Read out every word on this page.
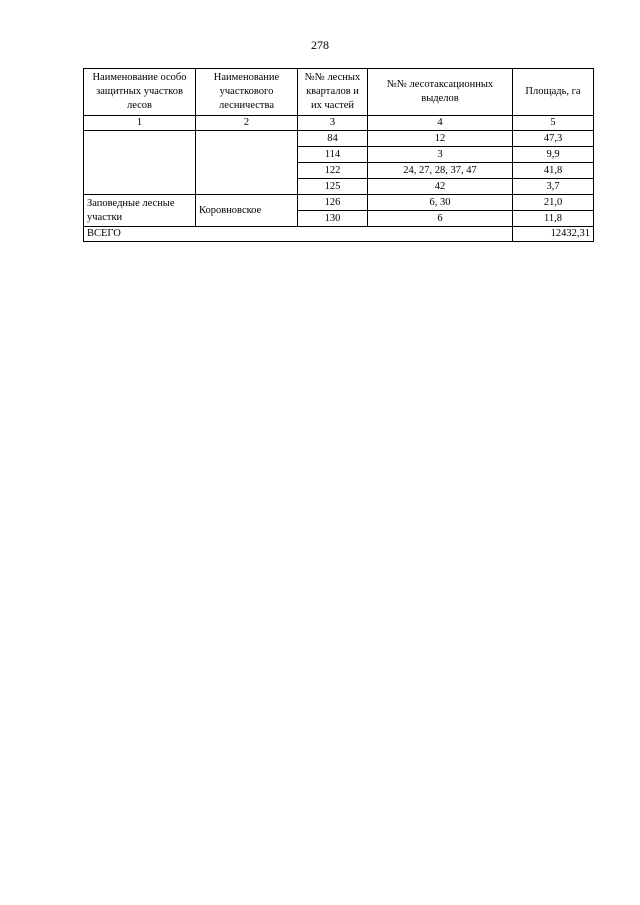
278
Наименование особо защитных участков лесов	Наименование участкового лесничества	№№ лесных кварталов и их частей	№№ лесотаксационных выделов	Площадь, га
1	2	3	4	5
		84	12	47,3
		114	3	9,9
		122	24, 27, 28, 37, 47	41,8
		125	42	3,7
Заповедные лесные участки	Коровновское	126	6, 30	21,0
		130	6	11,8
ВСЕГО				12432,31
